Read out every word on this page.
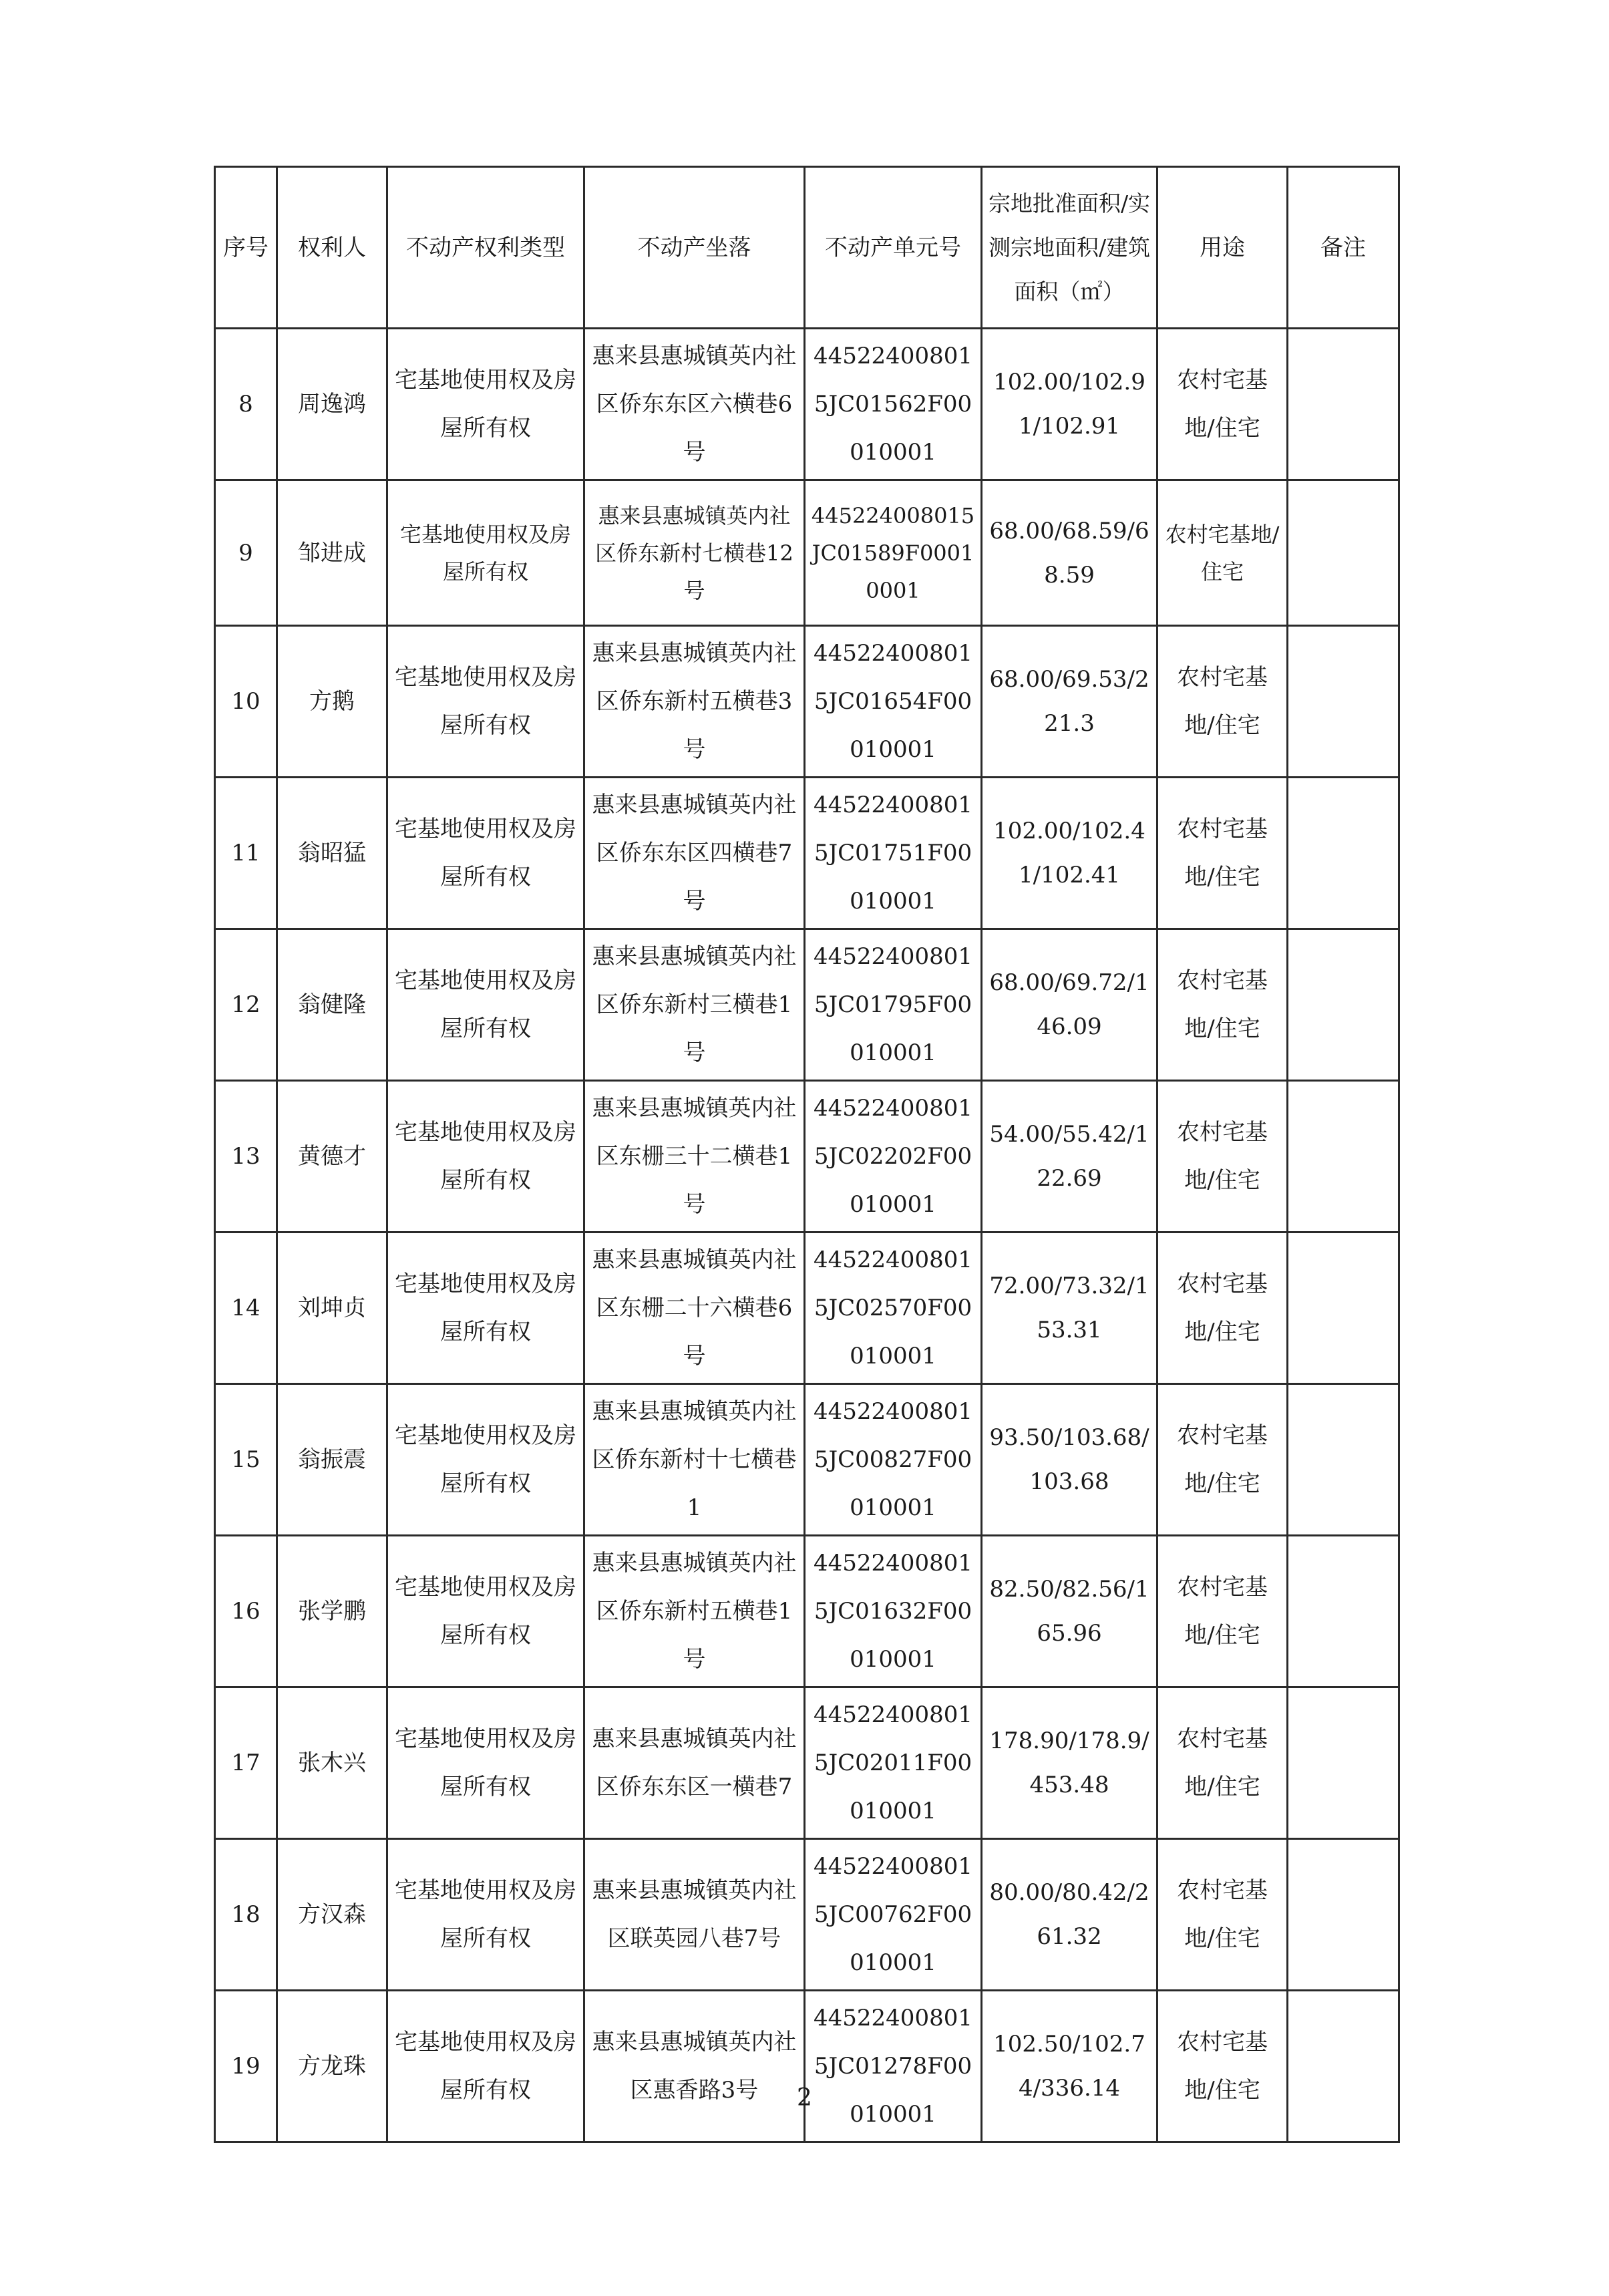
序号	权利人	不动产权利类型	不动产坐落	不动产单元号	宗地批准面积/实测宗地面积/建筑面积（㎡）	用途	备注
8	周逸鸿	宅基地使用权及房屋所有权	惠来县惠城镇英内社区侨东东区六横巷6号	445224008015JC01562F00010001	102.00/102.91/102.91	农村宅基地/住宅	
9	邹进成	宅基地使用权及房屋所有权	惠来县惠城镇英内社区侨东新村七横巷12号	445224008015JC01589F00010001	68.00/68.59/68.59	农村宅基地/住宅	
10	方鹅	宅基地使用权及房屋所有权	惠来县惠城镇英内社区侨东新村五横巷3号	445224008015JC01654F00010001	68.00/69.53/221.3	农村宅基地/住宅	
11	翁昭猛	宅基地使用权及房屋所有权	惠来县惠城镇英内社区侨东东区四横巷7号	445224008015JC01751F00010001	102.00/102.41/102.41	农村宅基地/住宅	
12	翁健隆	宅基地使用权及房屋所有权	惠来县惠城镇英内社区侨东新村三横巷1号	445224008015JC01795F00010001	68.00/69.72/146.09	农村宅基地/住宅	
13	黄德才	宅基地使用权及房屋所有权	惠来县惠城镇英内社区东栅三十二横巷1号	445224008015JC02202F00010001	54.00/55.42/122.69	农村宅基地/住宅	
14	刘坤贞	宅基地使用权及房屋所有权	惠来县惠城镇英内社区东栅二十六横巷6号	445224008015JC02570F00010001	72.00/73.32/153.31	农村宅基地/住宅	
15	翁振震	宅基地使用权及房屋所有权	惠来县惠城镇英内社区侨东新村十七横巷1	445224008015JC00827F00010001	93.50/103.68/103.68	农村宅基地/住宅	
16	张学鹏	宅基地使用权及房屋所有权	惠来县惠城镇英内社区侨东新村五横巷1号	445224008015JC01632F00010001	82.50/82.56/165.96	农村宅基地/住宅	
17	张木兴	宅基地使用权及房屋所有权	惠来县惠城镇英内社区侨东东区一横巷7	445224008015JC02011F00010001	178.90/178.9/453.48	农村宅基地/住宅	
18	方汉森	宅基地使用权及房屋所有权	惠来县惠城镇英内社区联英园八巷7号	445224008015JC00762F00010001	80.00/80.42/261.32	农村宅基地/住宅	
19	方龙珠	宅基地使用权及房屋所有权	惠来县惠城镇英内社区惠香路3号	445224008015JC01278F00010001	102.50/102.74/336.14	农村宅基地/住宅	
2
